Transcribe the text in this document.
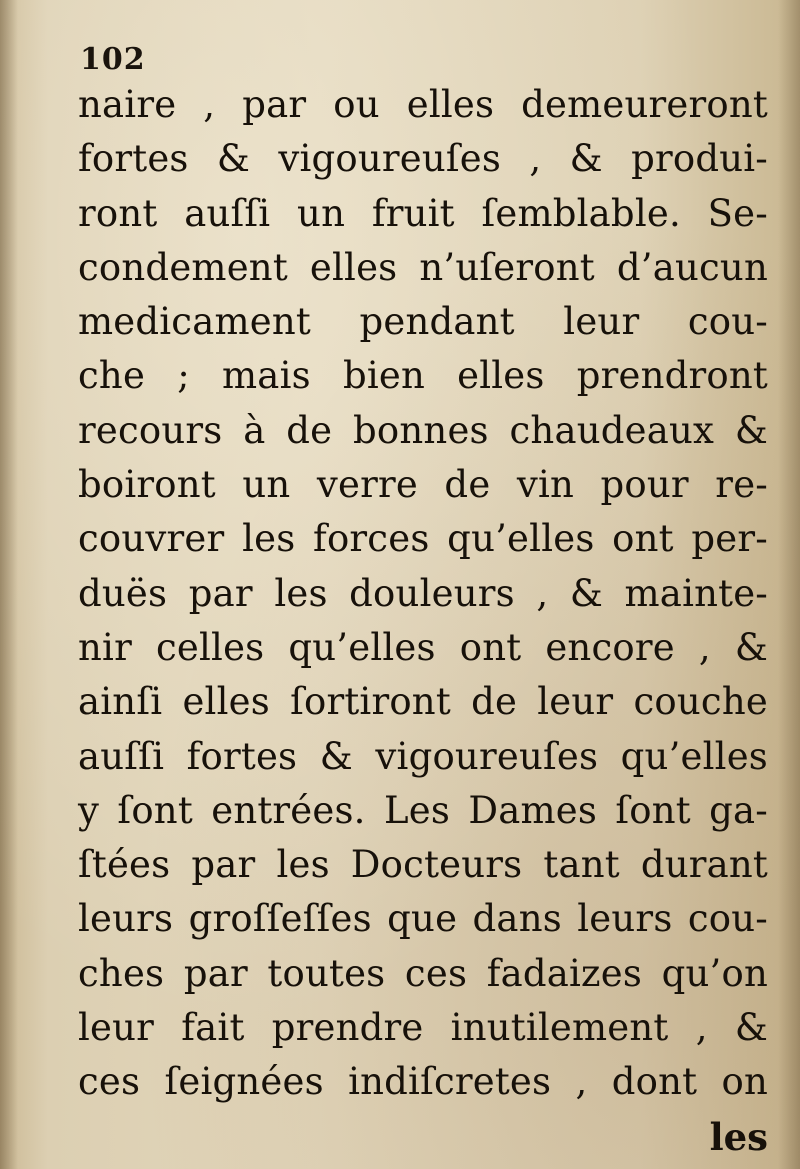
102
naire , par ou elles demeureront
fortes & vigoureuſes , & produi-
ront auſſi un fruit ſemblable. Se-
condement elles n’uſeront d’aucun
medicament pendant leur cou-
che ; mais bien elles prendront
recours à de bonnes chaudeaux &
boiront un verre de vin pour re-
couvrer les forces qu’elles ont per-
duës par les douleurs , & mainte-
nir celles qu’elles ont encore , &
ainſi elles ſortiront de leur couche
auſſi fortes & vigoureuſes qu’elles
y ſont entrées. Les Dames ſont ga-
ſtées par les Docteurs tant durant
leurs groſſeſſes que dans leurs cou-
ches par toutes ces fadaizes qu’on
leur fait prendre inutilement , &
ces ſeignées indiſcretes , dont on
les
